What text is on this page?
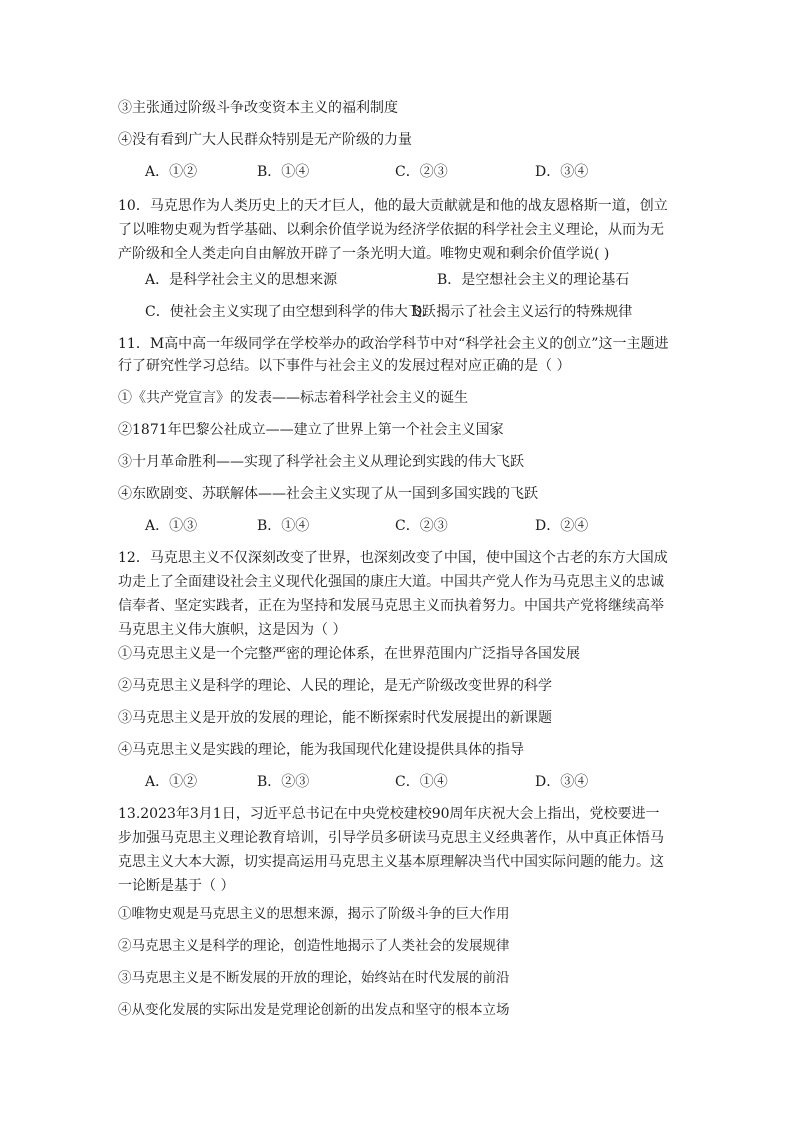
③主张通过阶级斗争改变资本主义的福利制度
④没有看到广大人民群众特别是无产阶级的力量
A．①②	B．①④	C．②③	D．③④
10．马克思作为人类历史上的天才巨人，他的最大贡献就是和他的战友恩格斯一道，创立
了以唯物史观为哲学基础、以剩余价值学说为经济学依据的科学社会主义理论，从而为无
产阶级和全人类走向自由解放开辟了一条光明大道。唯物史观和剩余价值学说( )
A．是科学社会主义的思想来源	B．是空想社会主义的理论基石
C．使社会主义实现了由空想到科学的伟大飞跃
D．揭示了社会主义运行的特殊规律
11．M高中高一年级同学在学校举办的政治学科节中对“科学社会主义的创立”这一主题进
行了研究性学习总结。以下事件与社会主义的发展过程对应正确的是（ ）
①《共产党宣言》的发表——标志着科学社会主义的诞生
②1871年巴黎公社成立——建立了世界上第一个社会主义国家
③十月革命胜利——实现了科学社会主义从理论到实践的伟大飞跃
④东欧剧变、苏联解体——社会主义实现了从一国到多国实践的飞跃
A．①③	B．①④	C．②③	D．②④
12．马克思主义不仅深刻改变了世界，也深刻改变了中国，使中国这个古老的东方大国成
功走上了全面建设社会主义现代化强国的康庄大道。中国共产党人作为马克思主义的忠诚
信奉者、坚定实践者，正在为坚持和发展马克思主义而执着努力。中国共产党将继续高举
马克思主义伟大旗帜，这是因为（ ）
①马克思主义是一个完整严密的理论体系，在世界范围内广泛指导各国发展
②马克思主义是科学的理论、人民的理论，是无产阶级改变世界的科学
③马克思主义是开放的发展的理论，能不断探索时代发展提出的新课题
④马克思主义是实践的理论，能为我国现代化建设提供具体的指导
A．①②	B．②③	C．①④	D．③④
13.2023年3月1日，习近平总书记在中央党校建校90周年庆祝大会上指出，党校要进一
步加强马克思主义理论教育培训，引导学员多研读马克思主义经典著作，从中真正体悟马
克思主义大本大源，切实提高运用马克思主义基本原理解决当代中国实际问题的能力。这
一论断是基于（ ）
①唯物史观是马克思主义的思想来源，揭示了阶级斗争的巨大作用
②马克思主义是科学的理论，创造性地揭示了人类社会的发展规律
③马克思主义是不断发展的开放的理论，始终站在时代发展的前沿
④从变化发展的实际出发是党理论创新的出发点和坚守的根本立场
